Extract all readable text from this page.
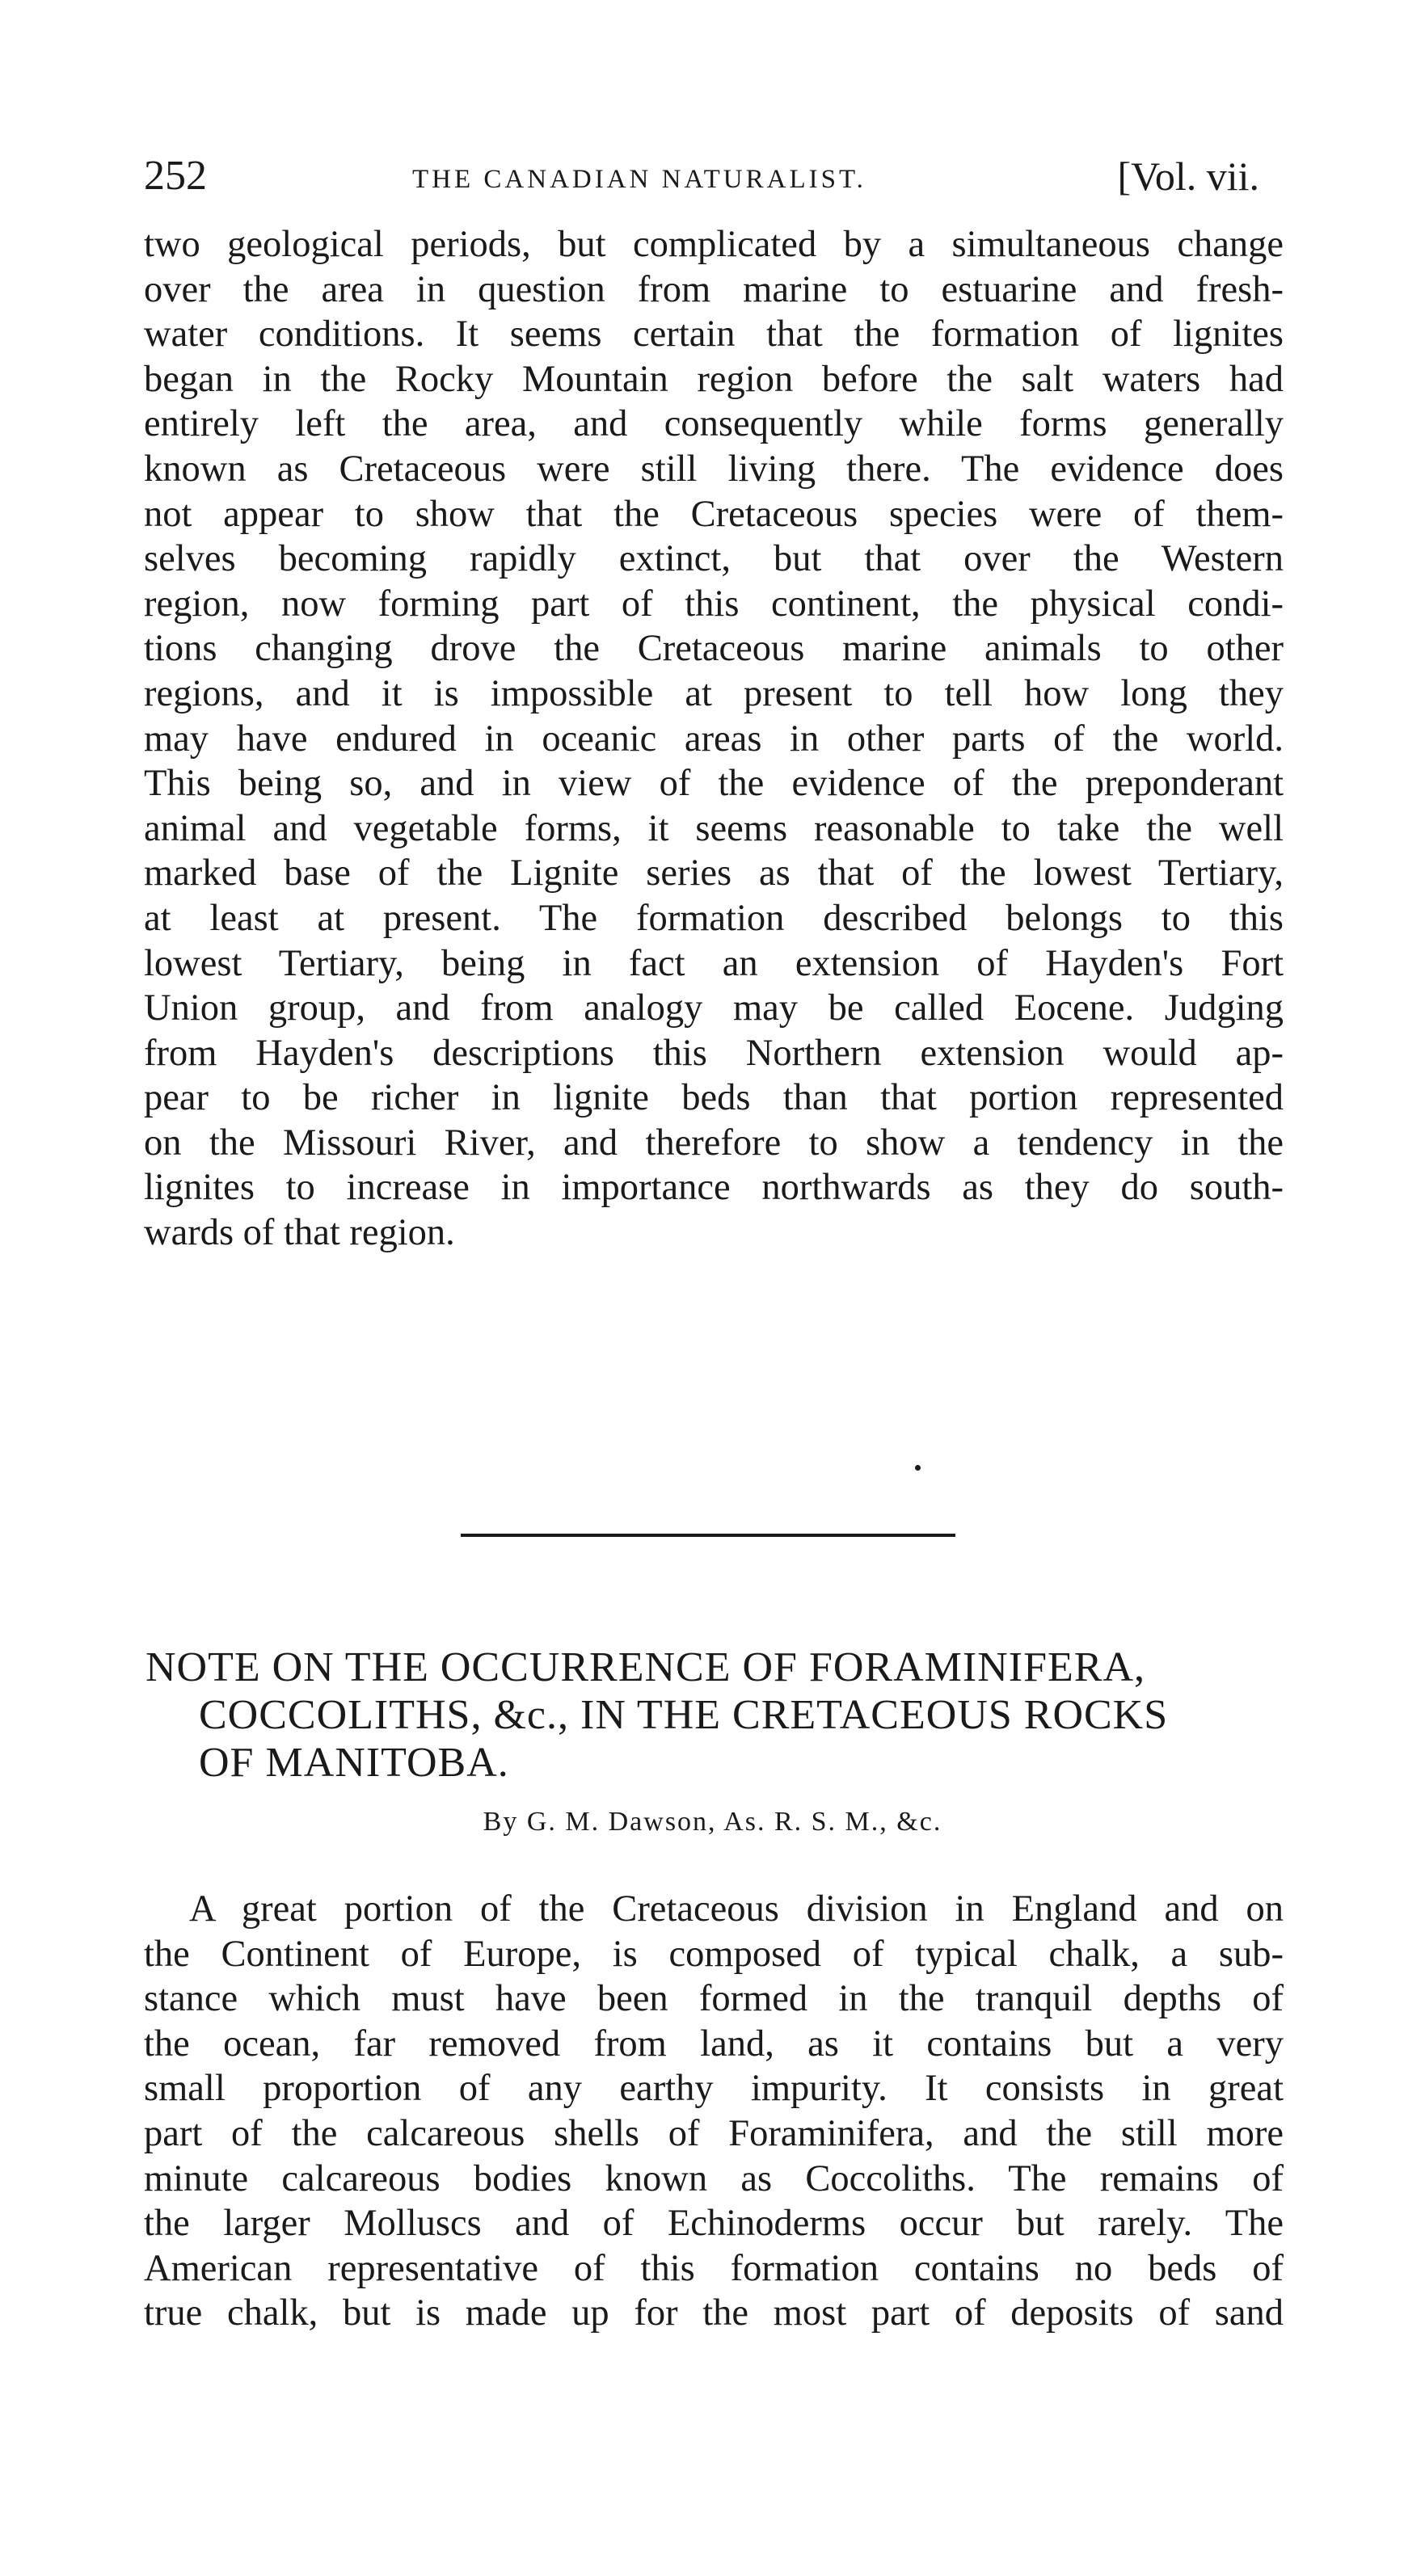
252	THE CANADIAN NATURALIST.	[Vol. vii.
two geological periods, but complicated by a simultaneous change
over the area in question from marine to estuarine and fresh-
water conditions. It seems certain that the formation of lignites
began in the Rocky Mountain region before the salt waters had
entirely left the area, and consequently while forms generally
known as Cretaceous were still living there. The evidence does
not appear to show that the Cretaceous species were of them-
selves becoming rapidly extinct, but that over the Western
region, now forming part of this continent, the physical condi-
tions changing drove the Cretaceous marine animals to other
regions, and it is impossible at present to tell how long they
may have endured in oceanic areas in other parts of the world.
This being so, and in view of the evidence of the preponderant
animal and vegetable forms, it seems reasonable to take the well
marked base of the Lignite series as that of the lowest Tertiary,
at least at present. The formation described belongs to this
lowest Tertiary, being in fact an extension of Hayden's Fort
Union group, and from analogy may be called Eocene. Judging
from Hayden's descriptions this Northern extension would ap-
pear to be richer in lignite beds than that portion represented
on the Missouri River, and therefore to show a tendency in the
lignites to increase in importance northwards as they do south-
wards of that region.
NOTE ON THE OCCURRENCE OF FORAMINIFERA,
COCCOLITHS, &c., IN THE CRETACEOUS ROCKS
OF MANITOBA.
By G. M. Dawson, As. R. S. M., &c.
A great portion of the Cretaceous division in England and on
the Continent of Europe, is composed of typical chalk, a sub-
stance which must have been formed in the tranquil depths of
the ocean, far removed from land, as it contains but a very
small proportion of any earthy impurity. It consists in great
part of the calcareous shells of Foraminifera, and the still more
minute calcareous bodies known as Coccoliths. The remains of
the larger Molluscs and of Echinoderms occur but rarely. The
American representative of this formation contains no beds of
true chalk, but is made up for the most part of deposits of sand
